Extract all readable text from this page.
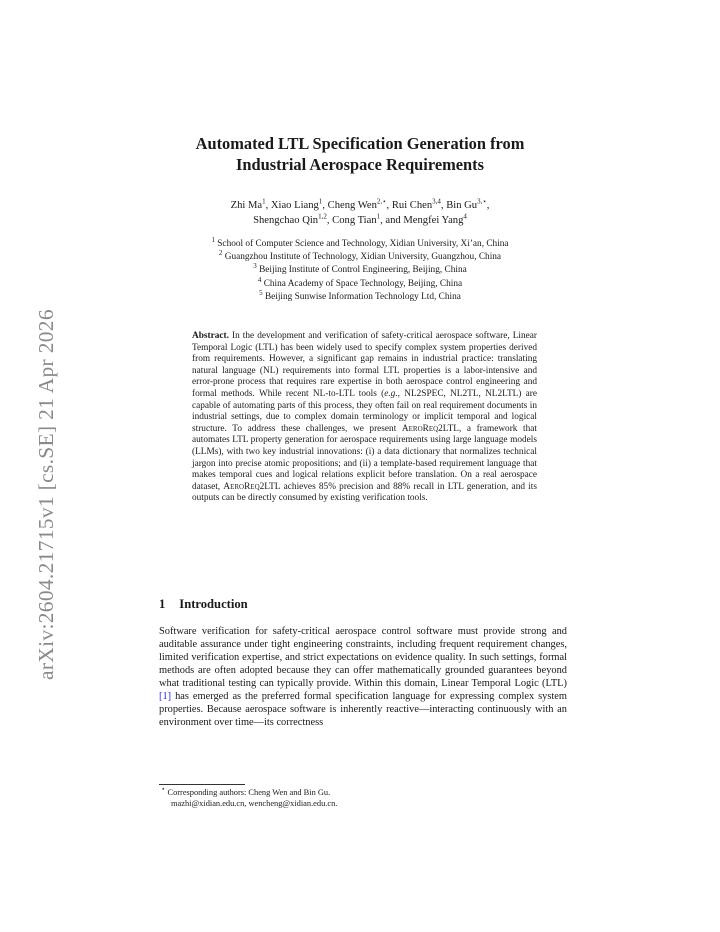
arXiv:2604.21715v1 [cs.SE] 21 Apr 2026
Automated LTL Specification Generation from
Industrial Aerospace Requirements
Zhi Ma$^1$, Xiao Liang$^1$, Cheng Wen$^{2,⋆}$, Rui Chen$^{3,4}$, Bin $Gu^{3,⋆}$,
Shengchao Qin$^{1,2}$, Cong Tian$^1$, and Mengfei Yang$^4$
$^1$ School of Computer Science and Technology, Xidian University, Xi’an, China
$^2$ Guangzhou Institute of Technology, Xidian University, Guangzhou, China
$^3$ Beijing Institute of Control Engineering, Beijing, China
$^4$ China Academy of Space Technology, Beijing, China
$^5$ Beijing Sunwise Information Technology Ltd, China
Abstract. In the development and verification of safety-critical aerospace software, Linear Temporal Logic (LTL) has been widely used to specify complex system properties derived from requirements. However, a significant gap remains in industrial practice: translating natural language (NL) requirements into formal LTL properties is a labor-intensive and error-prone process that requires rare expertise in both aerospace control engineering and formal methods. While recent NL-to-LTL tools (e.g., NL2SPEC, NL2TL, NL2LTL) are capable of automating parts of this process, they often fail on real requirement documents in industrial settings, due to complex domain terminology or implicit temporal and logical structure. To address these challenges, we present AeroReq2LTL, a framework that automates LTL property generation for aerospace requirements using large language models (LLMs), with two key industrial innovations: (i) a data dictionary that normalizes technical jargon into precise atomic propositions; and (ii) a template-based requirement language that makes temporal cues and logical relations explicit before translation. On a real aerospace dataset, AeroReq2LTL achieves 85% precision and 88% recall in LTL generation, and its outputs can be directly consumed by existing verification tools.
1 Introduction
Software verification for safety-critical aerospace control software must provide strong and auditable assurance under tight engineering constraints, including frequent requirement changes, limited verification expertise, and strict expectations on evidence quality. In such settings, formal methods are often adopted because they can offer mathematically grounded guarantees beyond what traditional testing can typically provide. Within this domain, Linear Temporal Logic (LTL) [1] has emerged as the preferred formal specification language for expressing complex system properties. Because aerospace software is inherently reactive—interacting continuously with an environment over time—its correctness
⋆ Corresponding authors: Cheng Wen and Bin Gu.
mazhi@xidian.edu.cn, wencheng@xidian.edu.cn.
